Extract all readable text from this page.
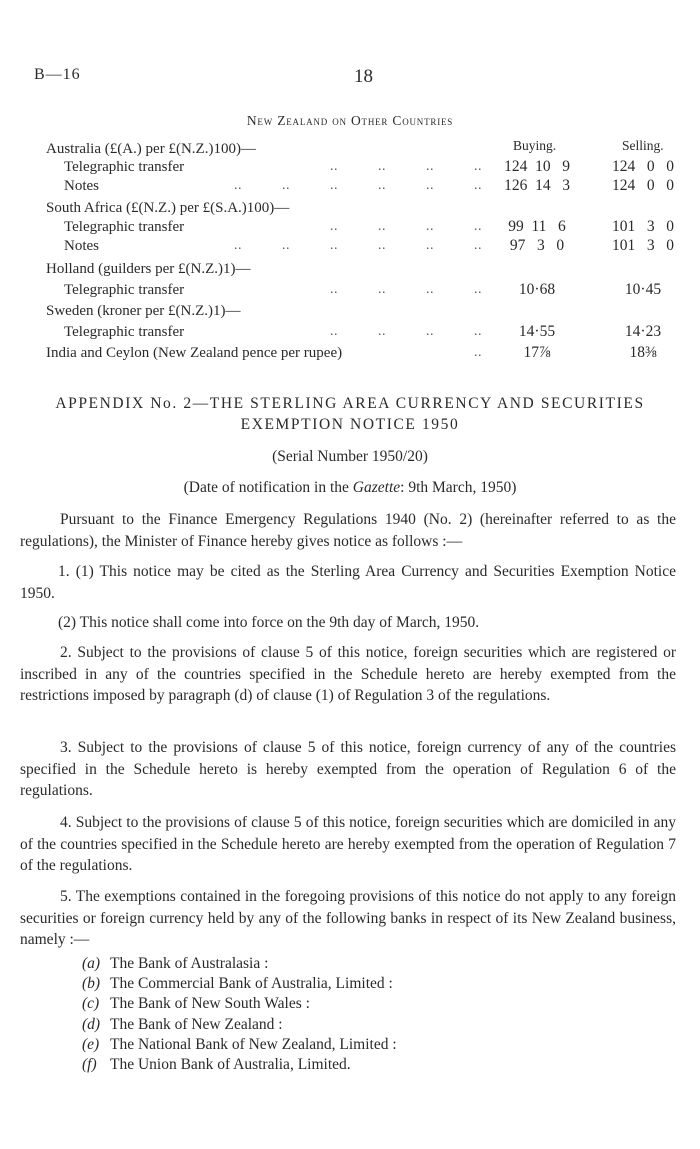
B—16	18
New Zealand on Other Countries
Buying.	Selling.
Australia (£(A.) per £(N.Z.)100)—
Telegraphic transfer	..          ..          ..          ..	124  10   9	124   0   0
Notes	..          ..          ..          ..          ..          ..	126  14   3	124   0   0
South Africa (£(N.Z.) per £(S.A.)100)—
Telegraphic transfer	..          ..          ..          ..	99  11   6	101   3   0
Notes	..          ..          ..          ..          ..          ..	97   3   0	101   3   0
Holland (guilders per £(N.Z.)1)—
Telegraphic transfer	..          ..          ..          ..	10·68	10·45
Sweden (kroner per £(N.Z.)1)—
Telegraphic transfer	..          ..          ..          ..	14·55	14·23
India and Ceylon (New Zealand pence per rupee)	..	17⅞	18⅜
APPENDIX No. 2—THE STERLING AREA CURRENCY AND SECURITIES
EXEMPTION NOTICE 1950
(Serial Number 1950/20)
(Date of notification in the Gazette: 9th March, 1950)
Pursuant to the Finance Emergency Regulations 1940 (No. 2) (hereinafter referred to as the regulations), the Minister of Finance hereby gives notice as follows :—
1. (1) This notice may be cited as the Sterling Area Currency and Securities Exemption Notice 1950.
(2) This notice shall come into force on the 9th day of March, 1950.
2. Subject to the provisions of clause 5 of this notice, foreign securities which are registered or inscribed in any of the countries specified in the Schedule hereto are hereby exempted from the restrictions imposed by paragraph (d) of clause (1) of Regulation 3 of the regulations.
3. Subject to the provisions of clause 5 of this notice, foreign currency of any of the countries specified in the Schedule hereto is hereby exempted from the operation of Regulation 6 of the regulations.
4. Subject to the provisions of clause 5 of this notice, foreign securities which are domiciled in any of the countries specified in the Schedule hereto are hereby exempted from the operation of Regulation 7 of the regulations.
5. The exemptions contained in the foregoing provisions of this notice do not apply to any foreign securities or foreign currency held by any of the following banks in respect of its New Zealand business, namely :—
(a) The Bank of Australasia :
(b) The Commercial Bank of Australia, Limited :
(c) The Bank of New South Wales :
(d) The Bank of New Zealand :
(e) The National Bank of New Zealand, Limited :
(f) The Union Bank of Australia, Limited.
